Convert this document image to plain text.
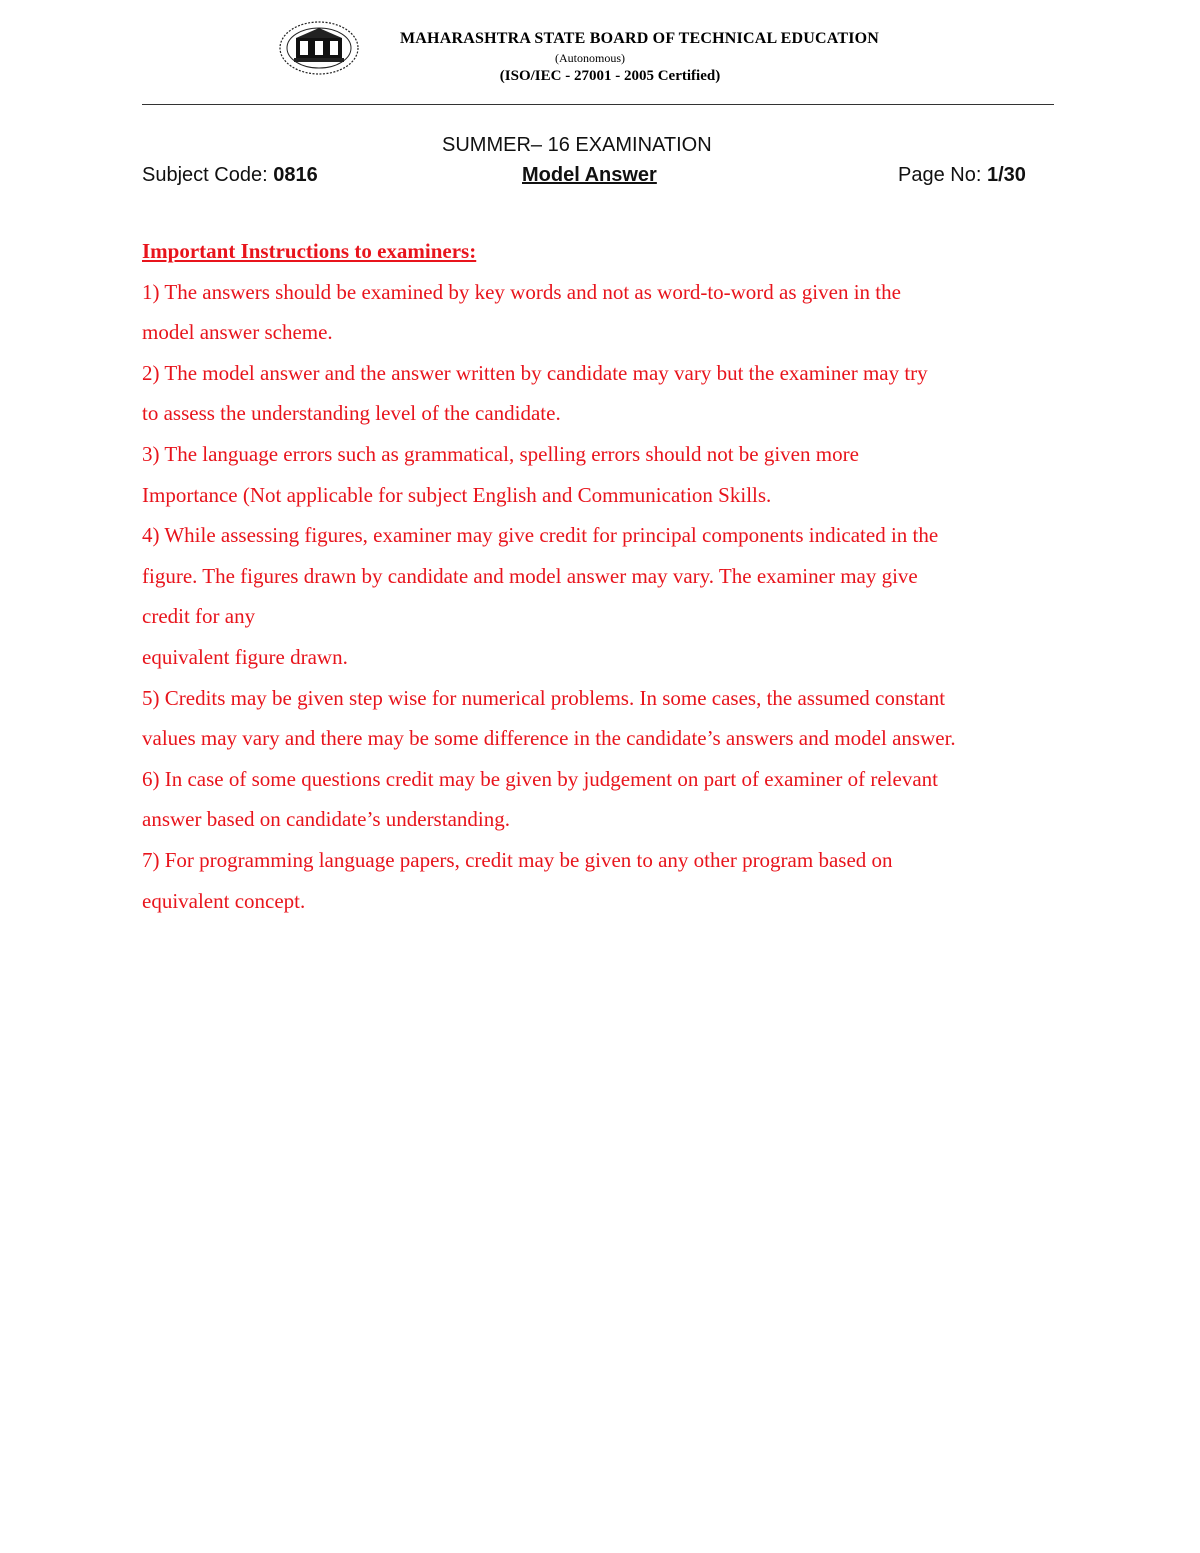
MAHARASHTRA STATE BOARD OF TECHNICAL EDUCATION
(Autonomous)
(ISO/IEC - 27001 - 2005 Certified)
SUMMER– 16 EXAMINATION
Subject Code: 0816	Model Answer	Page No: 1/30
Important Instructions to examiners:
1) The answers should be examined by key words and not as word-to-word as given in the
model answer scheme.
2) The model answer and the answer written by candidate may vary but the examiner may try
to assess the understanding level of the candidate.
3) The language errors such as grammatical, spelling errors should not be given more
Importance (Not applicable for subject English and Communication Skills.
4) While assessing figures, examiner may give credit for principal components indicated in the
figure. The figures drawn by candidate and model answer may vary. The examiner may give
credit for any
equivalent figure drawn.
5) Credits may be given step wise for numerical problems. In some cases, the assumed constant
values may vary and there may be some difference in the candidate’s answers and model answer.
6) In case of some questions credit may be given by judgement on part of examiner of relevant
answer based on candidate’s understanding.
7) For programming language papers, credit may be given to any other program based on
equivalent concept.
